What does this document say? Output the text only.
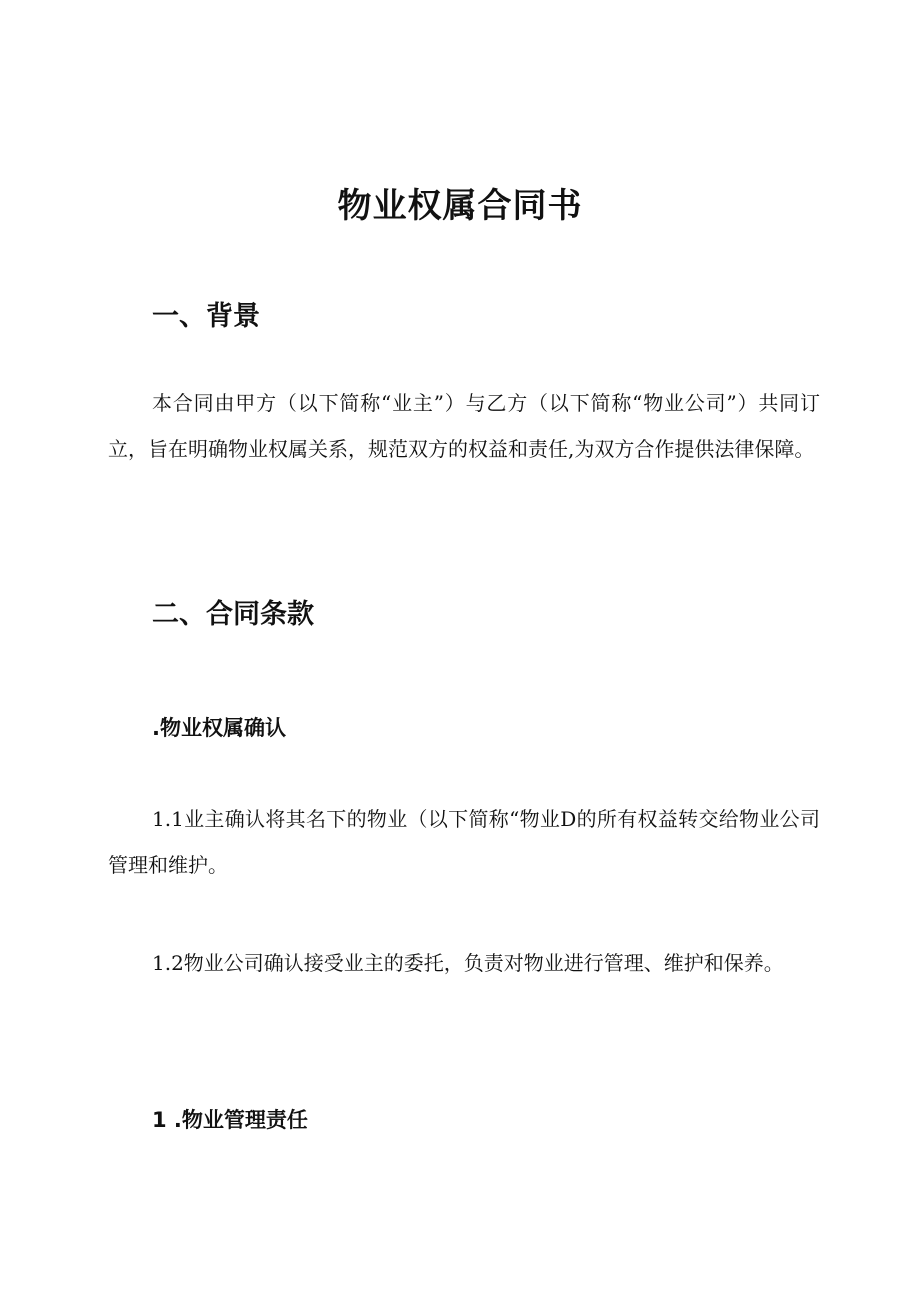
物业权属合同书
一、背景

本合同由甲方（以下简称“业主”）与乙方（以下简称“物业公司”）共同订立，旨在明确物业权属关系，规范双方的权益和责任,为双方合作提供法律保障。

二、合同条款
.物业权属确认

1.1业主确认将其名下的物业（以下简称“物业D的所有权益转交给物业公司管理和维护。

1.2物业公司确认接受业主的委托，负责对物业进行管理、维护和保养。

1 .物业管理责任
